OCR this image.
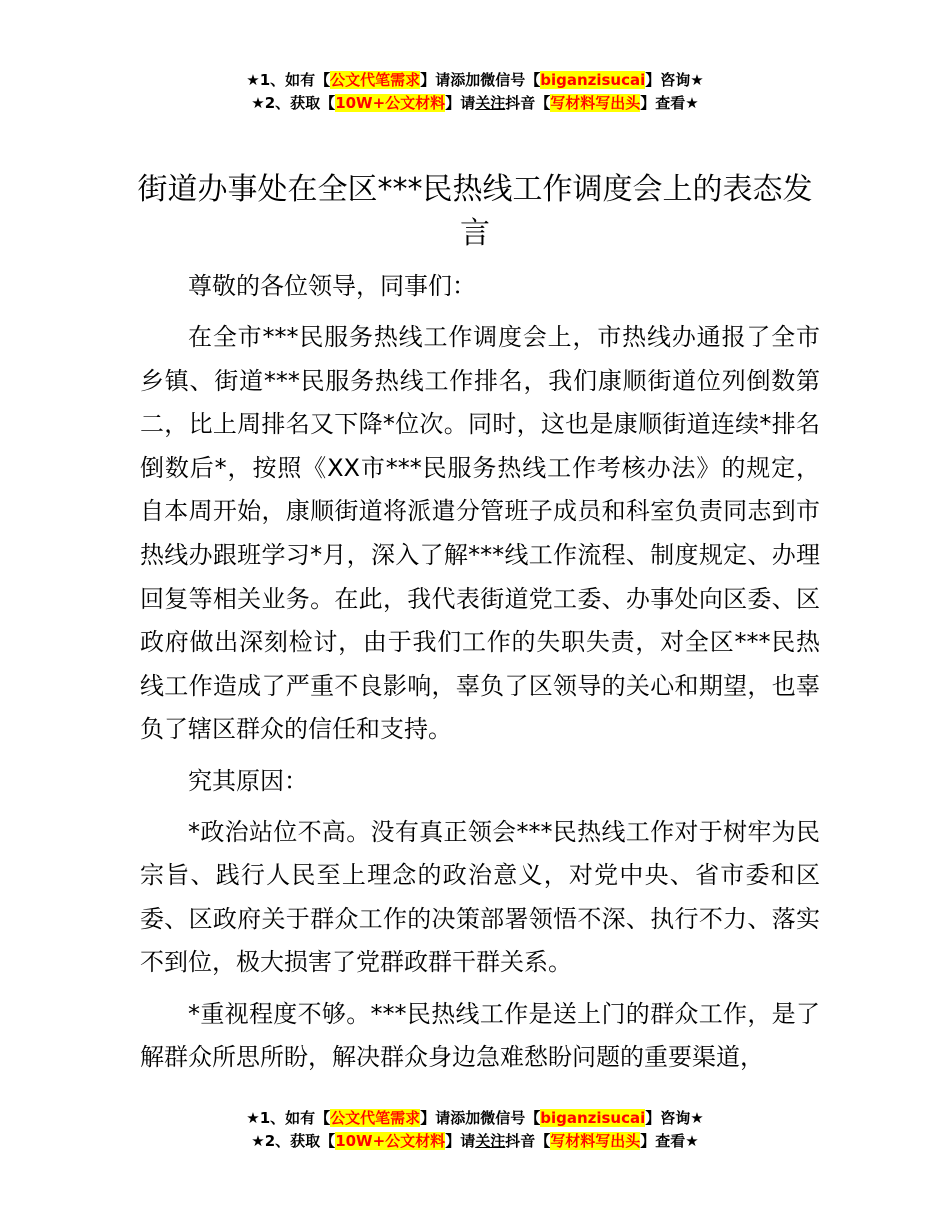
★1、如有【公文代笔需求】请添加微信号【biganzisucai】咨询★
★2、获取【10W+公文材料】请关注抖音【写材料写出头】查看★
街道办事处在全区***民热线工作调度会上的表态发言

尊敬的各位领导，同事们：

在全市***民服务热线工作调度会上，市热线办通报了全市乡镇、街道***民服务热线工作排名，我们康顺街道位列倒数第二，比上周排名又下降*位次。同时，这也是康顺街道连续*排名倒数后*，按照《XX市***民服务热线工作考核办法》的规定，自本周开始，康顺街道将派遣分管班子成员和科室负责同志到市热线办跟班学习*月，深入了解***线工作流程、制度规定、办理回复等相关业务。在此，我代表街道党工委、办事处向区委、区政府做出深刻检讨，由于我们工作的失职失责，对全区***民热线工作造成了严重不良影响，辜负了区领导的关心和期望，也辜负了辖区群众的信任和支持。

究其原因：

*政治站位不高。没有真正领会***民热线工作对于树牢为民宗旨、践行人民至上理念的政治意义，对党中央、省市委和区委、区政府关于群众工作的决策部署领悟不深、执行不力、落实不到位，极大损害了党群政群干群关系。

*重视程度不够。***民热线工作是送上门的群众工作，是了解群众所思所盼，解决群众身边急难愁盼问题的重要渠道，

★1、如有【公文代笔需求】请添加微信号【biganzisucai】咨询★
★2、获取【10W+公文材料】请关注抖音【写材料写出头】查看★
